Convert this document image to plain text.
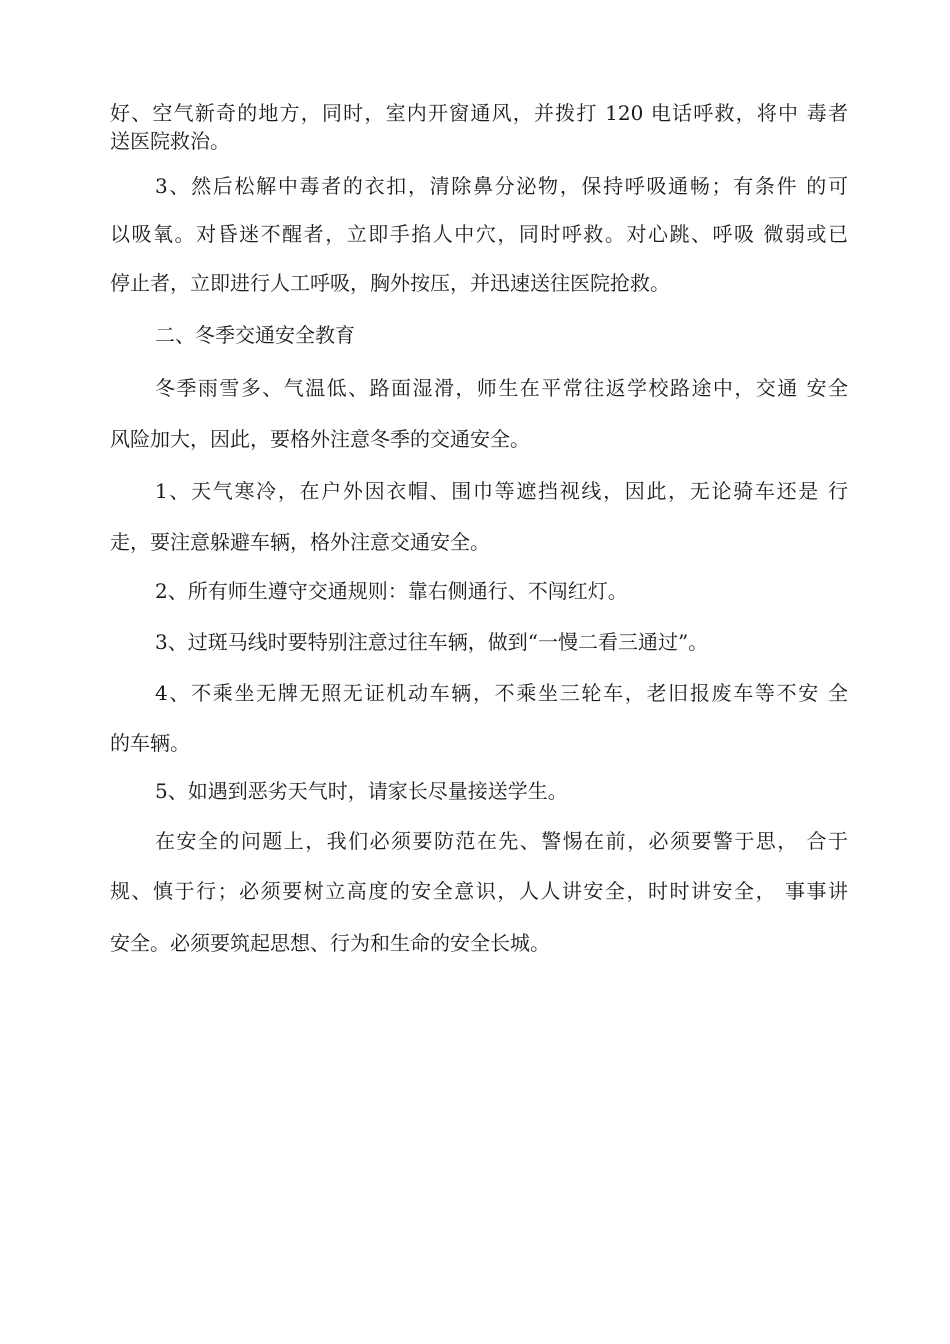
好、空气新奇的地方，同时，室内开窗通风，并拨打 120 电话呼救，将中 毒者
送医院救治。
3、然后松解中毒者的衣扣，清除鼻分泌物，保持呼吸通畅；有条件 的可
以吸氧。对昏迷不醒者，立即手掐人中穴，同时呼救。对心跳、呼吸 微弱或已
停止者，立即进行人工呼吸，胸外按压，并迅速送往医院抢救。
二、冬季交通安全教育
冬季雨雪多、气温低、路面湿滑，师生在平常往返学校路途中，交通 安全
风险加大，因此，要格外注意冬季的交通安全。
1、天气寒冷，在户外因衣帽、围巾等遮挡视线，因此，无论骑车还是 行
走，要注意躲避车辆，格外注意交通安全。
2、所有师生遵守交通规则：靠右侧通行、不闯红灯。
3、过斑马线时要特别注意过往车辆，做到“一慢二看三通过”。
4、不乘坐无牌无照无证机动车辆，不乘坐三轮车，老旧报废车等不安 全
的车辆。
5、如遇到恶劣天气时，请家长尽量接送学生。
在安全的问题上，我们必须要防范在先、警惕在前，必须要警于思， 合于
规、慎于行；必须要树立高度的安全意识，人人讲安全，时时讲安全， 事事讲
安全。必须要筑起思想、行为和生命的安全长城。
